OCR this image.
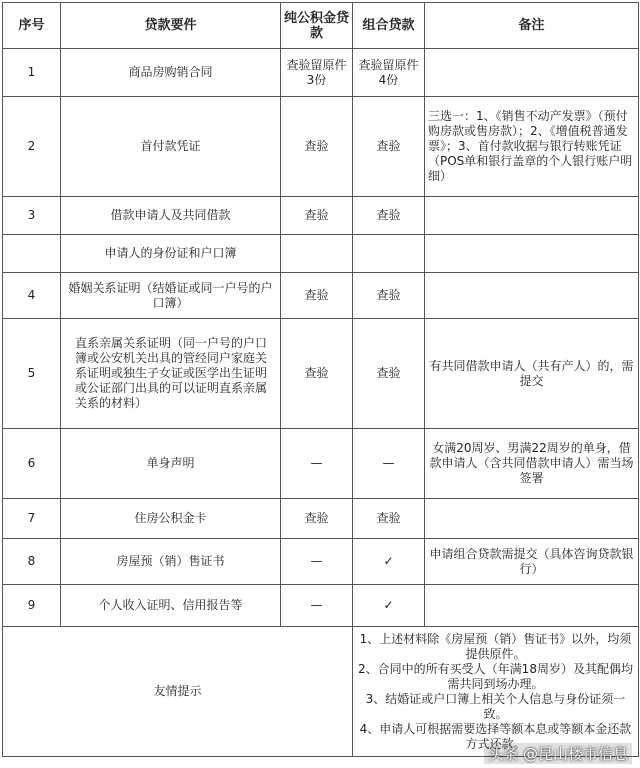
序号	贷款要件	纯公积金贷款	组合贷款	备注
1	商品房购销合同	查验留原件3份	查验留原件4份	
2	首付款凭证	查验	查验	三选一：1、《销售不动产发票》（预付购房款或售房款）；2、《增值税普通发票》；3、首付款收据与银行转账凭证（POS单和银行盖章的个人银行账户明细）
3	借款申请人及共同借款	查验	查验	
	申请人的身份证和户口簿			
4	婚姻关系证明（结婚证或同一户号的户口簿）	查验	查验	
5	直系亲属关系证明（同一户号的户口簿或公安机关出具的管经同户家庭关系证明或独生子女证或医学出生证明或公证部门出具的可以证明直系亲属关系的材料）	查验	查验	有共同借款申请人（共有产人）的，需提交
6	单身声明	—	—	女满20周岁、男满22周岁的单身，借款申请人（含共同借款申请人）需当场签署
7	住房公积金卡	查验	查验	
8	房屋预（销）售证书	—	✓	申请组合贷款需提交（具体咨询贷款银行）
9	个人收入证明、信用报告等	—	✓	
友情提示			1、上述材料除《房屋预（销）售证书》以外，均须提供原件。
2、合同中的所有买受人（年满18周岁）及其配偶均需共同到场办理。
3、结婚证或户口簿上相关个人信息与身份证须一致。
4、申请人可根据需要选择等额本息或等额本金还款方式还款。	
头条 @昆山楼市信息
